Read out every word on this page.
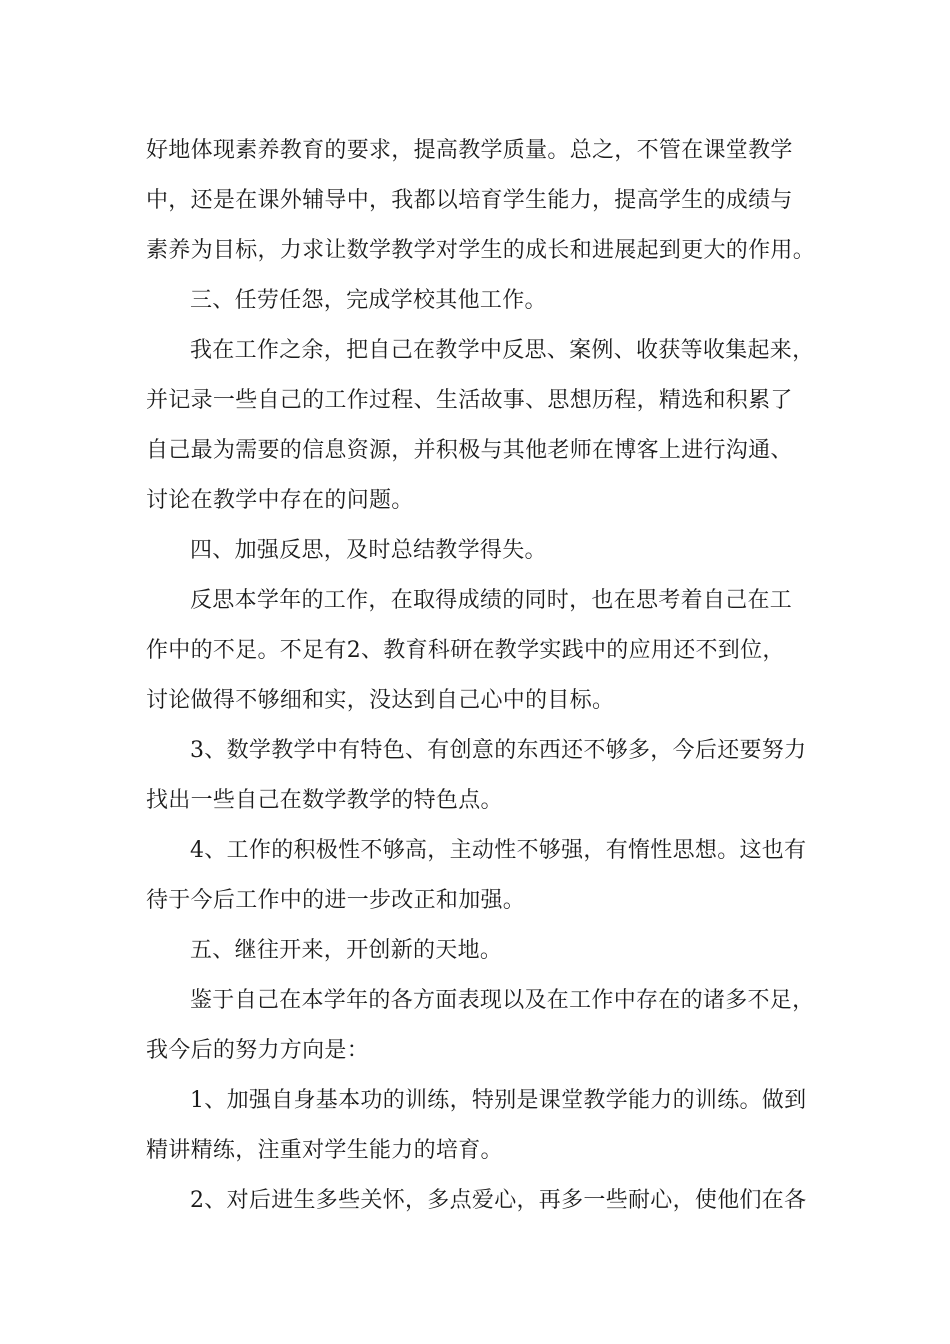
好地体现素养教育的要求，提高教学质量。总之，不管在课堂教学
中，还是在课外辅导中，我都以培育学生能力，提高学生的成绩与
素养为目标，力求让数学教学对学生的成长和进展起到更大的作用。
三、任劳任怨，完成学校其他工作。
我在工作之余，把自己在教学中反思、案例、收获等收集起来，
并记录一些自己的工作过程、生活故事、思想历程，精选和积累了
自己最为需要的信息资源，并积极与其他老师在博客上进行沟通、
讨论在教学中存在的问题。
四、加强反思，及时总结教学得失。
反思本学年的工作，在取得成绩的同时，也在思考着自己在工
作中的不足。不足有2、教育科研在教学实践中的应用还不到位，
讨论做得不够细和实，没达到自己心中的目标。
3、数学教学中有特色、有创意的东西还不够多，今后还要努力
找出一些自己在数学教学的特色点。
4、工作的积极性不够高，主动性不够强，有惰性思想。这也有
待于今后工作中的进一步改正和加强。
五、继往开来，开创新的天地。
鉴于自己在本学年的各方面表现以及在工作中存在的诸多不足，
我今后的努力方向是：
1、加强自身基本功的训练，特别是课堂教学能力的训练。做到
精讲精练，注重对学生能力的培育。
2、对后进生多些关怀，多点爱心，再多一些耐心，使他们在各
